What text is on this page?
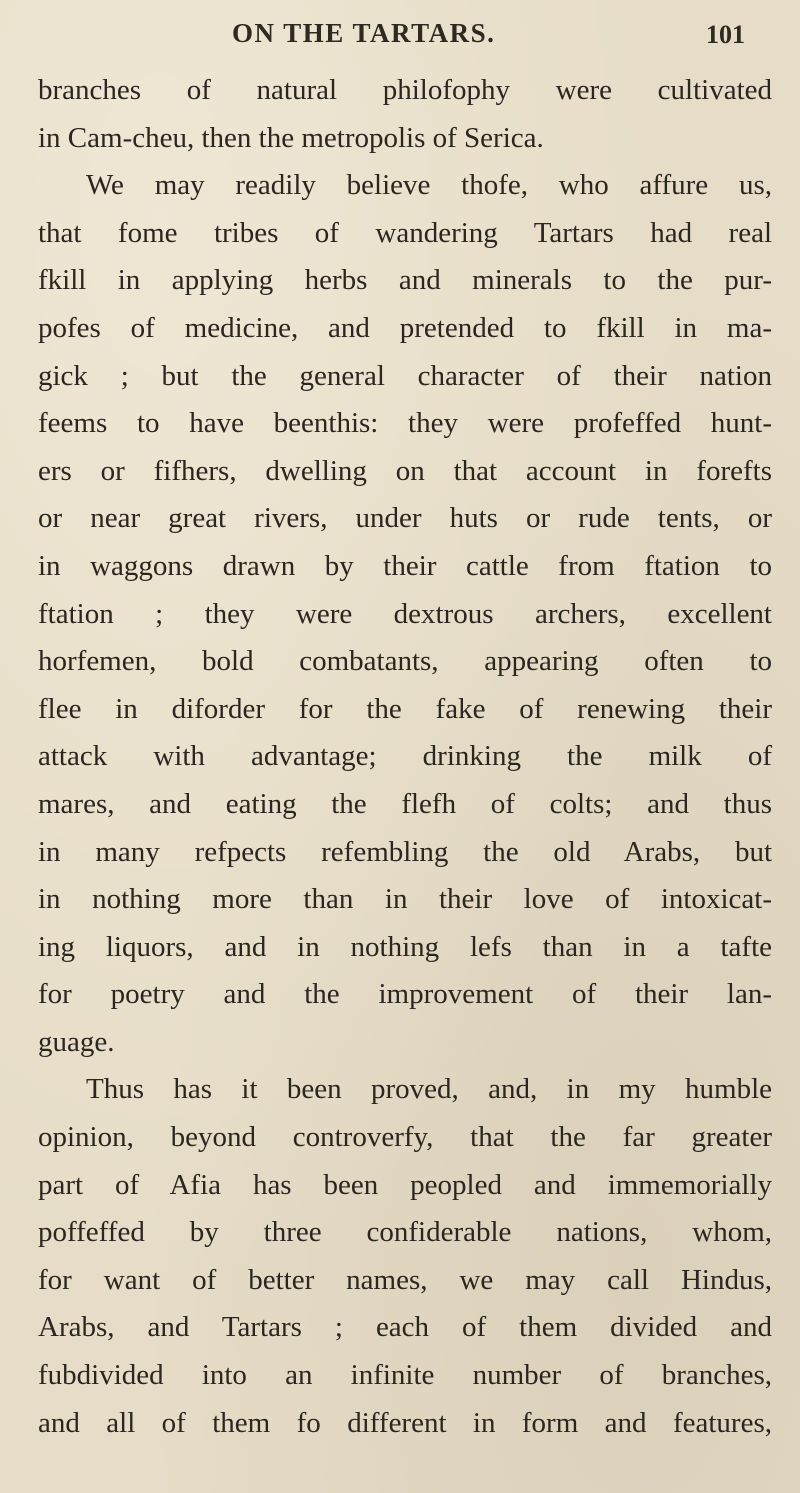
ON THE TARTARS.	101
branches of natural philofophy were cultivated
in Cam-cheu, then the metropolis of Serica.
We may readily believe thofe, who affure us,
that fome tribes of wandering Tartars had real
fkill in applying herbs and minerals to the pur-
pofes of medicine, and pretended to fkill in ma-
gick ; but the general character of their nation
feems to have beenthis: they were profeffed hunt-
ers or fifhers, dwelling on that account in forefts
or near great rivers, under huts or rude tents, or
in waggons drawn by their cattle from ftation to
ftation ; they were dextrous archers, excellent
horfemen, bold combatants, appearing often to
flee in diforder for the fake of renewing their
attack with advantage; drinking the milk of
mares, and eating the flefh of colts; and thus
in many refpects refembling the old Arabs, but
in nothing more than in their love of intoxicat-
ing liquors, and in nothing lefs than in a tafte
for poetry and the improvement of their lan-
guage.
Thus has it been proved, and, in my humble
opinion, beyond controverfy, that the far greater
part of Afia has been peopled and immemorially
poffeffed by three confiderable nations, whom,
for want of better names, we may call Hindus,
Arabs, and Tartars ; each of them divided and
fubdivided into an infinite number of branches,
and all of them fo different in form and features,
